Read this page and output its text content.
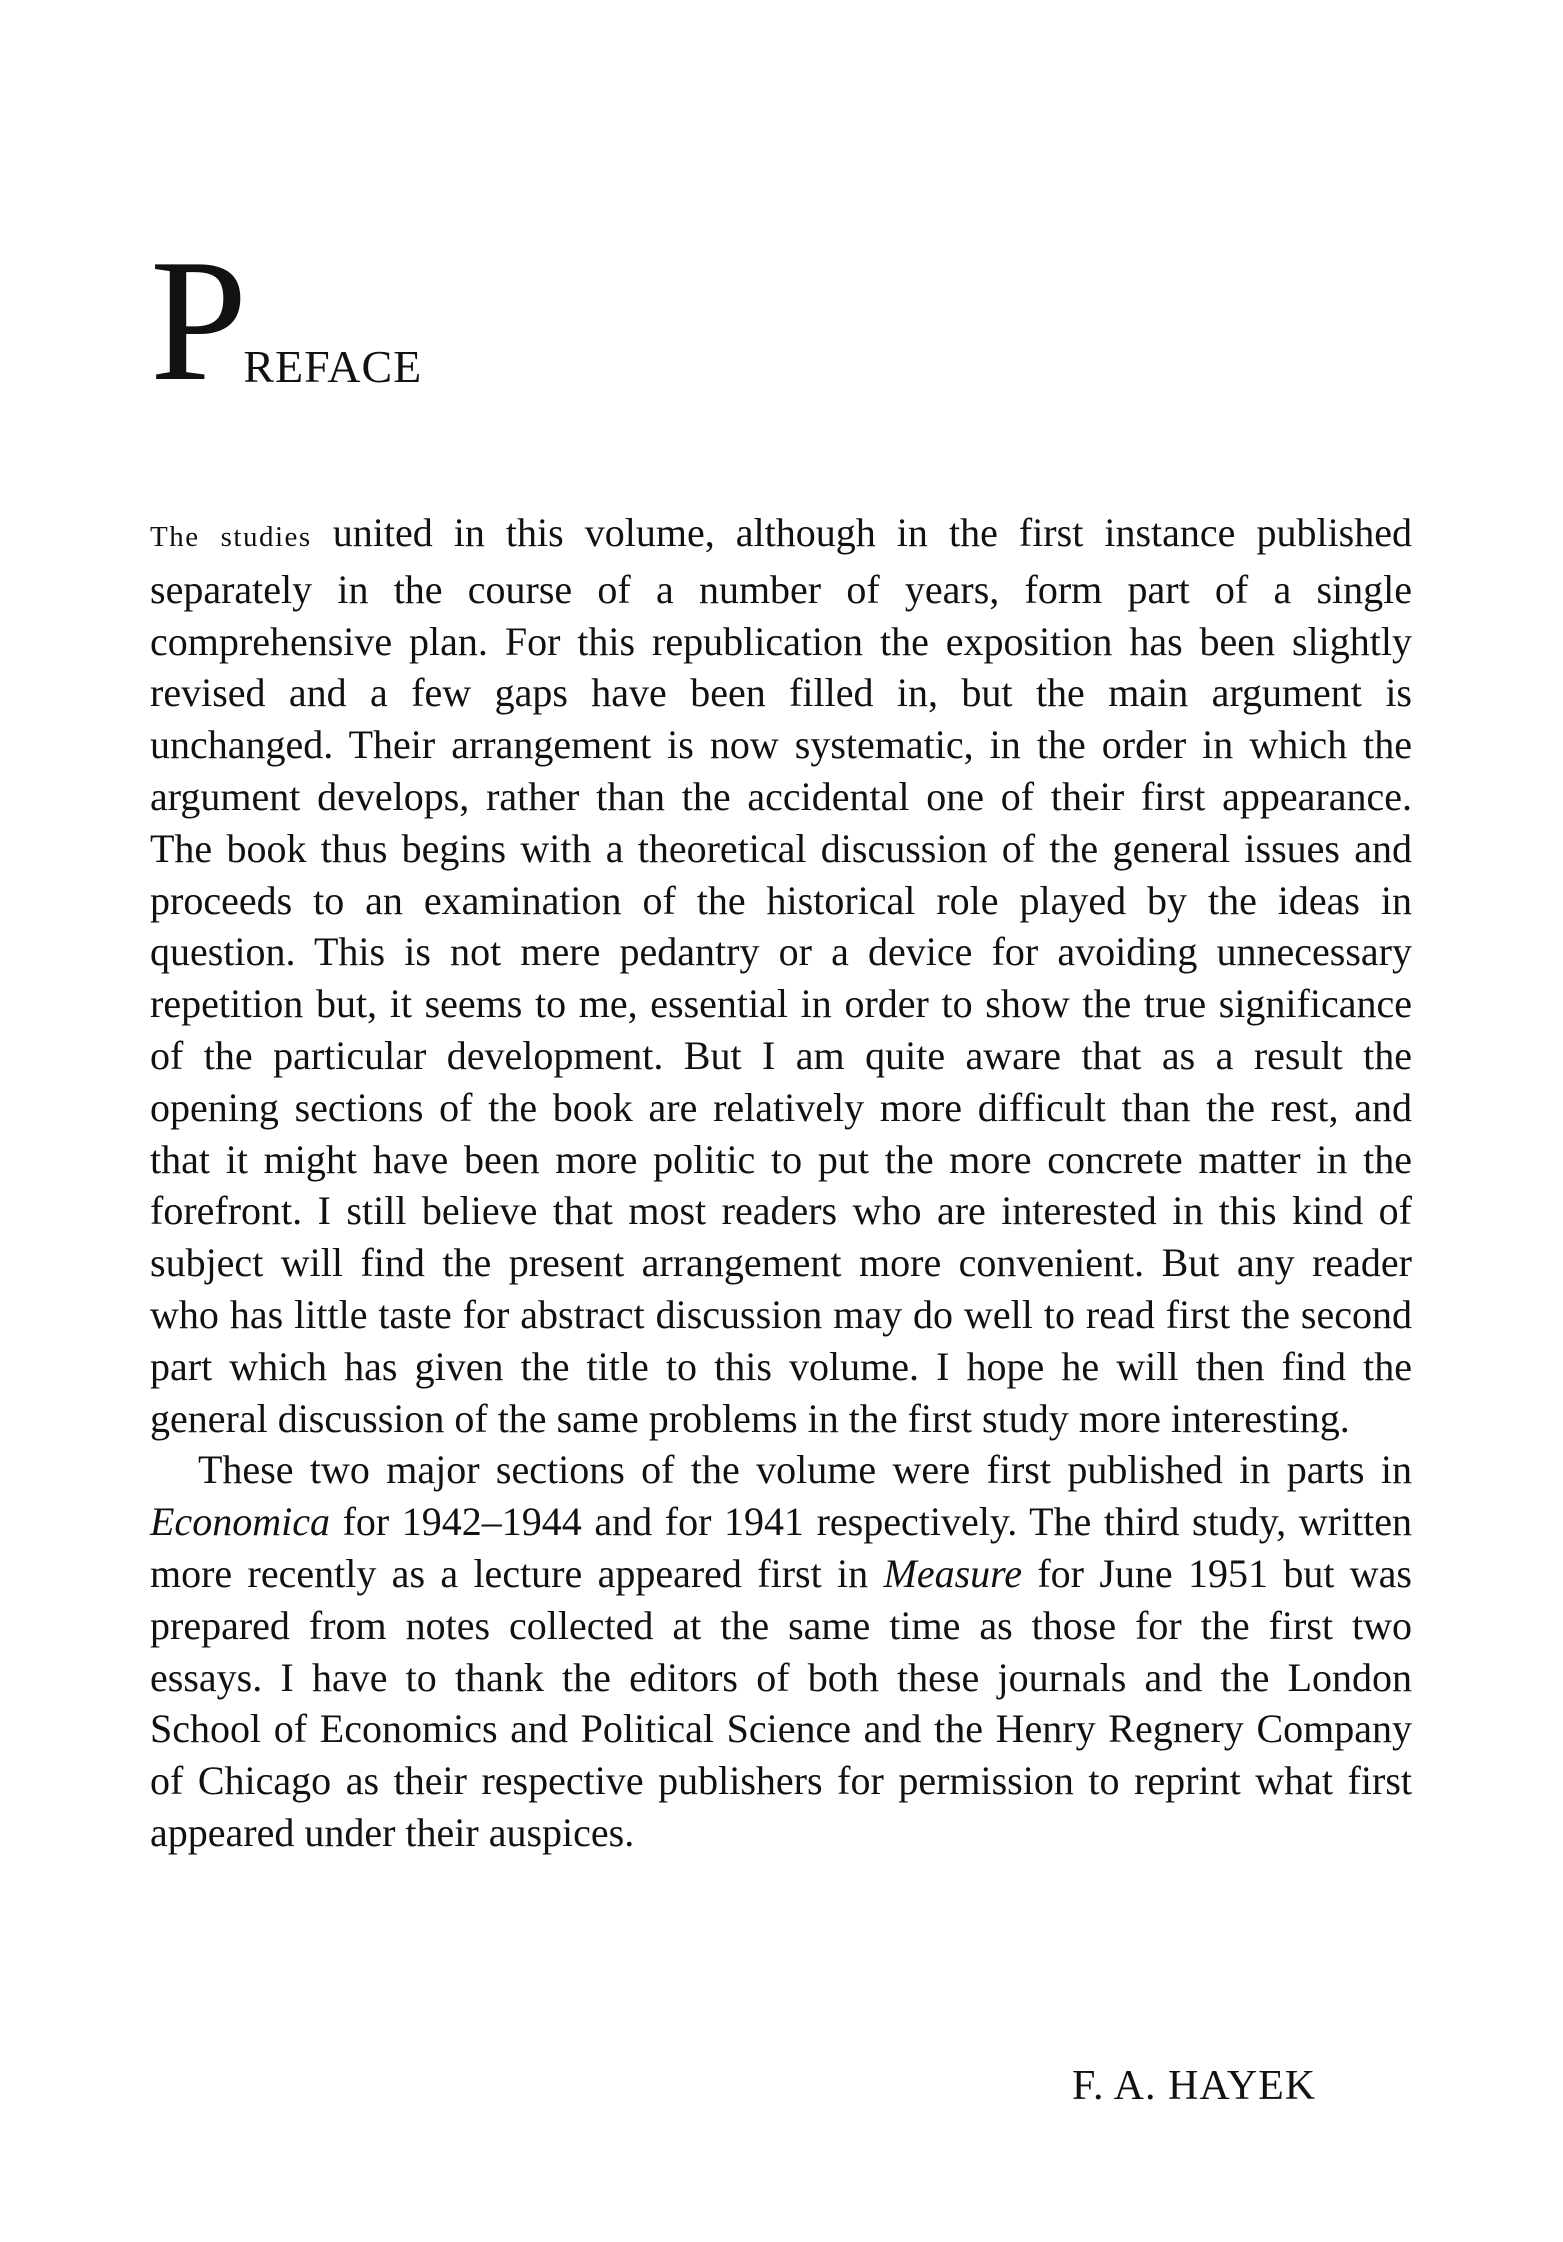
PREFACE

The studies united in this volume, although in the first instance published separately in the course of a number of years, form part of a single comprehensive plan. For this republication the exposition has been slightly revised and a few gaps have been filled in, but the main argument is unchanged. Their arrangement is now systematic, in the order in which the argument develops, rather than the accidental one of their first appearance. The book thus begins with a theoretical discussion of the general issues and proceeds to an examination of the historical role played by the ideas in question. This is not mere pedantry or a device for avoiding unnecessary repetition but, it seems to me, essential in order to show the true significance of the particular development. But I am quite aware that as a result the opening sections of the book are relatively more difficult than the rest, and that it might have been more politic to put the more concrete matter in the forefront. I still believe that most readers who are interested in this kind of subject will find the present arrangement more convenient. But any reader who has little taste for abstract discussion may do well to read first the second part which has given the title to this volume. I hope he will then find the general discussion of the same problems in the first study more interesting.

These two major sections of the volume were first published in parts in Economica for 1942–1944 and for 1941 respectively. The third study, written more recently as a lecture appeared first in Measure for June 1951 but was prepared from notes collected at the same time as those for the first two essays. I have to thank the editors of both these journals and the London School of Economics and Political Science and the Henry Regnery Company of Chicago as their respective publishers for permission to reprint what first appeared under their auspices.

F. A. HAYEK
